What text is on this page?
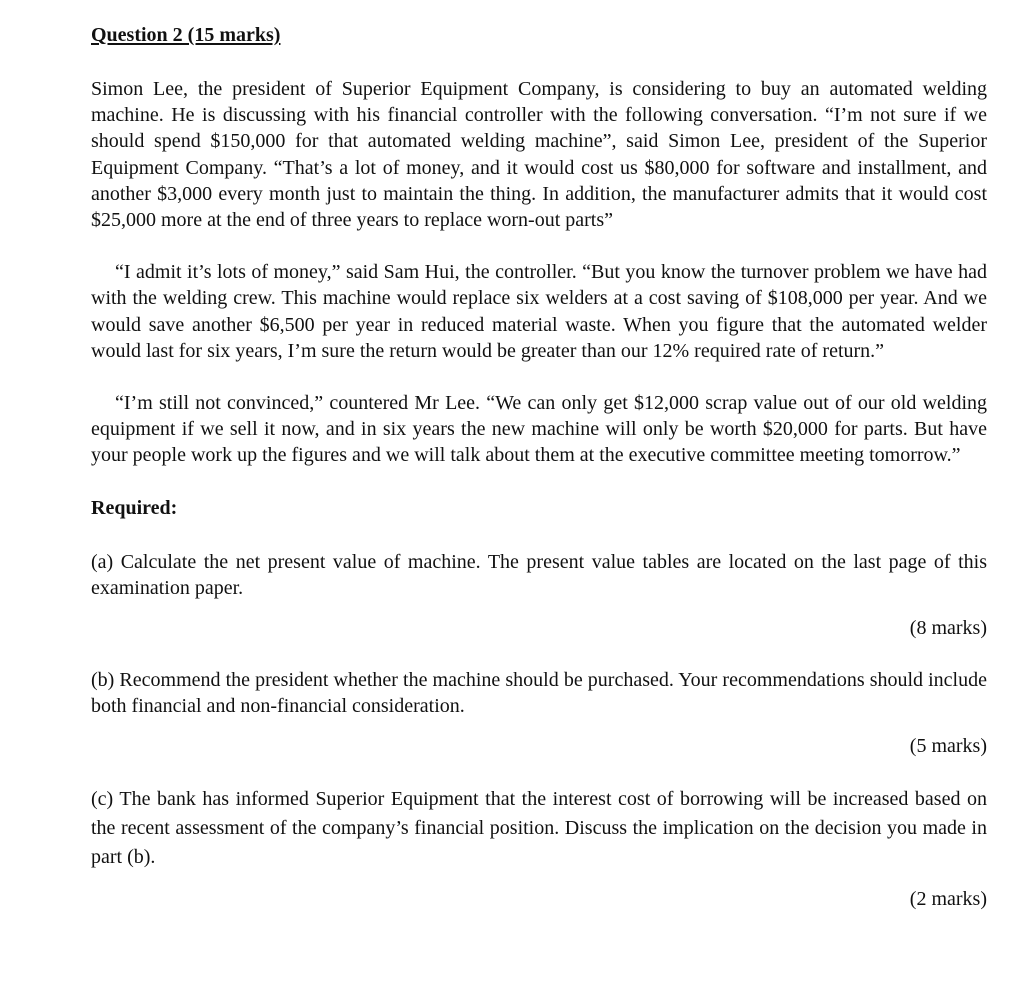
Question 2 (15 marks)

Simon Lee, the president of Superior Equipment Company, is considering to buy an automated welding machine. He is discussing with his financial controller with the following conversation. “I’m not sure if we should spend $150,000 for that automated welding machine”, said Simon Lee, president of the Superior Equipment Company. “That’s a lot of money, and it would cost us $80,000 for software and installment, and another $3,000 every month just to maintain the thing. In addition, the manufacturer admits that it would cost $25,000 more at the end of three years to replace worn-out parts”

“I admit it’s lots of money,” said Sam Hui, the controller. “But you know the turnover problem we have had with the welding crew. This machine would replace six welders at a cost saving of $108,000 per year. And we would save another $6,500 per year in reduced material waste. When you figure that the automated welder would last for six years, I’m sure the return would be greater than our 12% required rate of return.”

“I’m still not convinced,” countered Mr Lee. “We can only get $12,000 scrap value out of our old welding equipment if we sell it now, and in six years the new machine will only be worth $20,000 for parts. But have your people work up the figures and we will talk about them at the executive committee meeting tomorrow.”

Required:

(a) Calculate the net present value of machine. The present value tables are located on the last page of this examination paper.

(8 marks)

(b) Recommend the president whether the machine should be purchased. Your recommendations should include both financial and non-financial consideration.

(5 marks)

(c) The bank has informed Superior Equipment that the interest cost of borrowing will be increased based on the recent assessment of the company’s financial position. Discuss the implication on the decision you made in part (b).

(2 marks)
